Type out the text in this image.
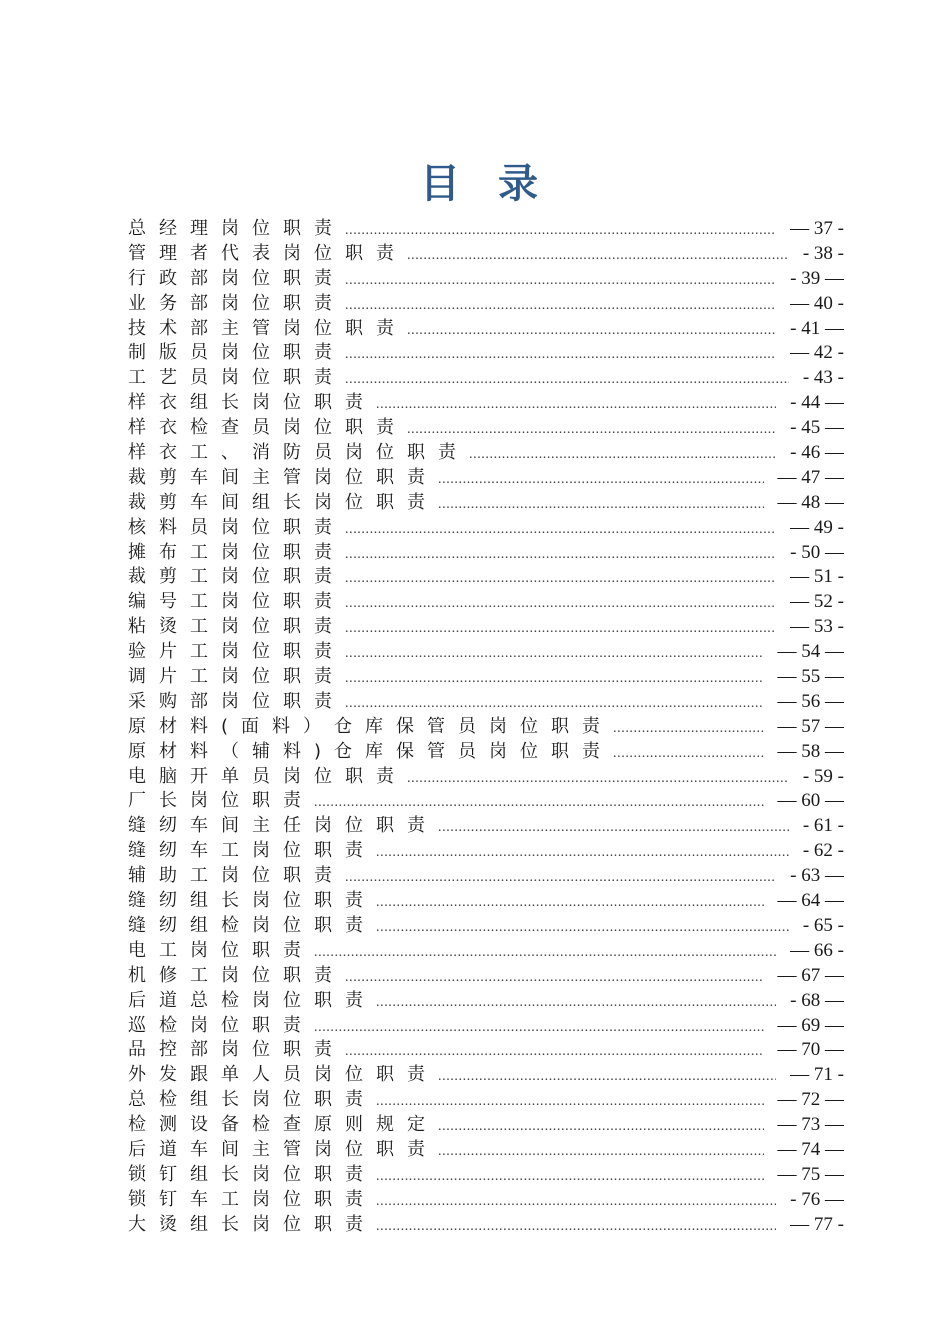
目 录
总经理岗位职责 .....	— 37 -
管理者代表岗位职责 .....	- 38 -
行政部岗位职责 .....	- 39 —
业务部岗位职责 .....	— 40 -
技术部主管岗位职责 .....	- 41 —
制版员岗位职责 .....	— 42 -
工艺员岗位职责 .....	- 43 -
样衣组长岗位职责 .....	- 44 —
样衣检查员岗位职责 .....	- 45 —
样衣工、消防员岗位职责 .....	- 46 —
裁剪车间主管岗位职责 .....	— 47 —
裁剪车间组长岗位职责 .....	— 48 —
核料员岗位职责 .....	— 49 -
摊布工岗位职责 .....	- 50 —
裁剪工岗位职责 .....	— 51 -
编号工岗位职责 .....	— 52 -
粘烫工岗位职责 .....	— 53 -
验片工岗位职责 .....	— 54 —
调片工岗位职责 .....	— 55 —
采购部岗位职责 .....	— 56 —
原材料(面料）仓库保管员岗位职责 .....	— 57 —
原材料（辅料)仓库保管员岗位职责 .....	— 58 —
电脑开单员岗位职责 .....	- 59 -
厂长岗位职责 .....	— 60 —
缝纫车间主任岗位职责 .....	- 61 -
缝纫车工岗位职责 .....	- 62 -
辅助工岗位职责 .....	- 63 —
缝纫组长岗位职责 .....	— 64 —
缝纫组检岗位职责 .....	- 65 -
电工岗位职责 .....	— 66 -
机修工岗位职责 .....	— 67 —
后道总检岗位职责 .....	- 68 —
巡检岗位职责 .....	— 69 —
品控部岗位职责 .....	— 70 —
外发跟单人员岗位职责 .....	— 71 -
总检组长岗位职责 .....	— 72 —
检测设备检查原则规定 .....	— 73 —
后道车间主管岗位职责 .....	— 74 —
锁钉组长岗位职责 .....	— 75 —
锁钉车工岗位职责 .....	- 76 —
大烫组长岗位职责 .....	— 77 -
